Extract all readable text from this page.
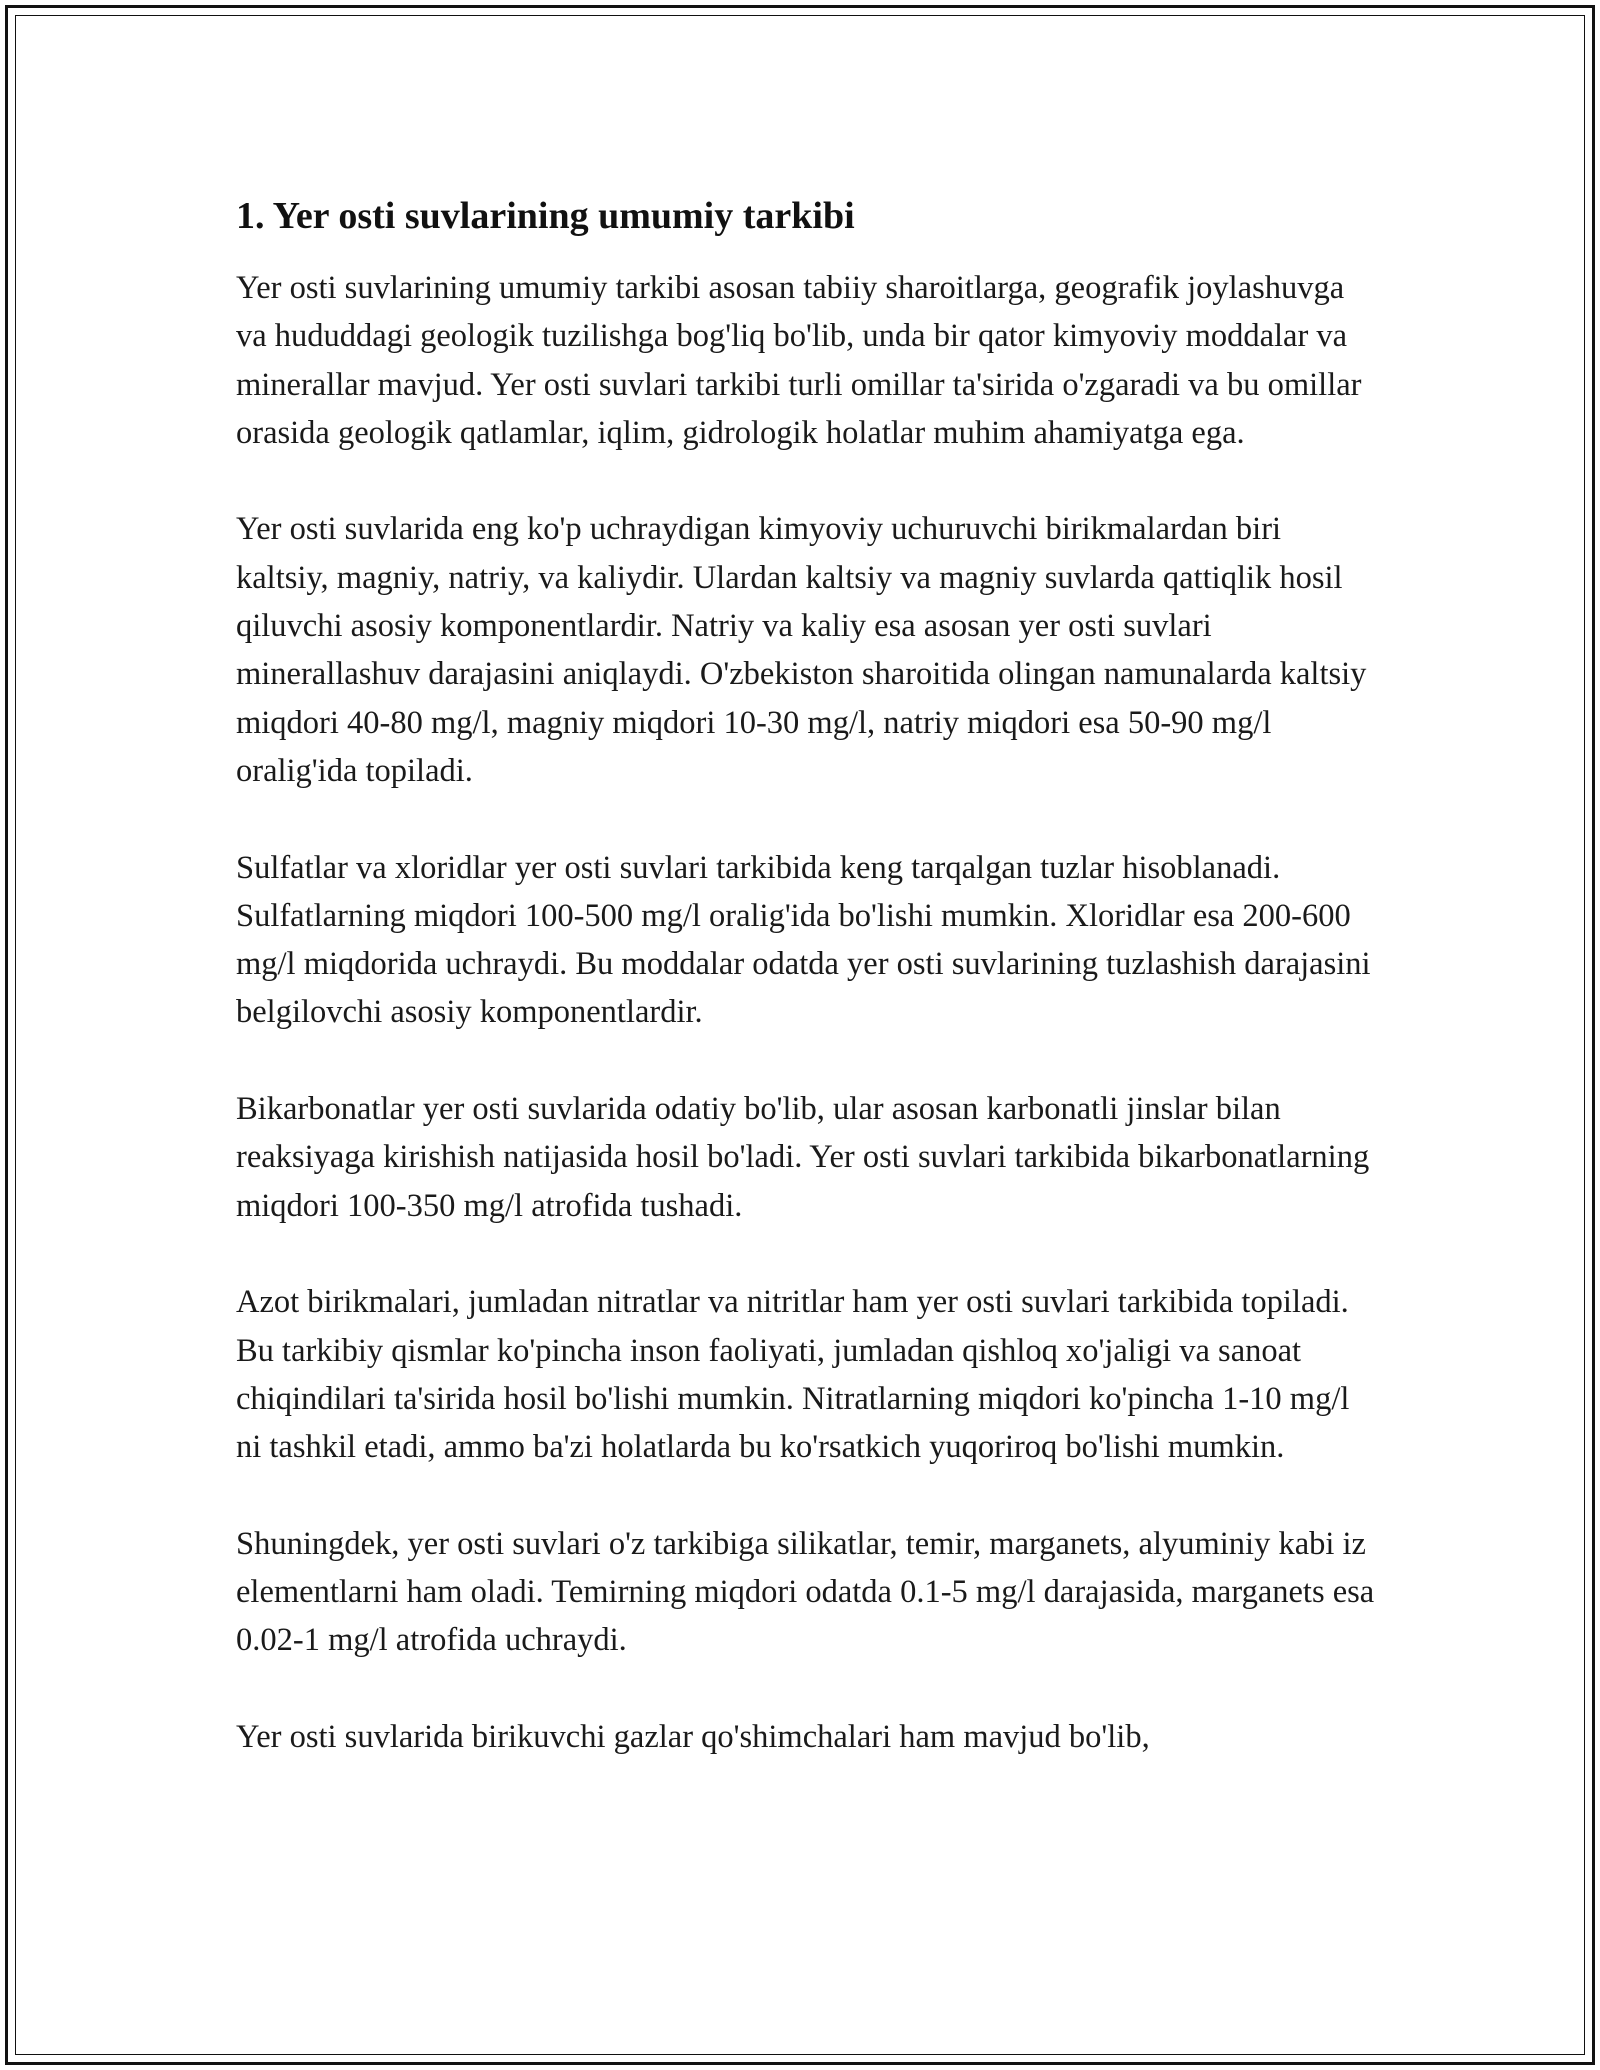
1. Yer osti suvlarining umumiy tarkibi

Yer osti suvlarining umumiy tarkibi asosan tabiiy sharoitlarga, geografik joylashuvga va hududdagi geologik tuzilishga bog'liq bo'lib, unda bir qator kimyoviy moddalar va minerallar mavjud. Yer osti suvlari tarkibi turli omillar ta'sirida o'zgaradi va bu omillar orasida geologik qatlamlar, iqlim, gidrologik holatlar muhim ahamiyatga ega.

Yer osti suvlarida eng ko'p uchraydigan kimyoviy uchuruvchi birikmalardan biri kaltsiy, magniy, natriy, va kaliydir. Ulardan kaltsiy va magniy suvlarda qattiqlik hosil qiluvchi asosiy komponentlardir. Natriy va kaliy esa asosan yer osti suvlari minerallashuv darajasini aniqlaydi. O'zbekiston sharoitida olingan namunalarda kaltsiy miqdori 40-80 mg/l, magniy miqdori 10-30 mg/l, natriy miqdori esa 50-90 mg/l oralig'ida topiladi.

Sulfatlar va xloridlar yer osti suvlari tarkibida keng tarqalgan tuzlar hisoblanadi. Sulfatlarning miqdori 100-500 mg/l oralig'ida bo'lishi mumkin. Xloridlar esa 200-600 mg/l miqdorida uchraydi. Bu moddalar odatda yer osti suvlarining tuzlashish darajasini belgilovchi asosiy komponentlardir.

Bikarbonatlar yer osti suvlarida odatiy bo'lib, ular asosan karbonatli jinslar bilan reaksiyaga kirishish natijasida hosil bo'ladi. Yer osti suvlari tarkibida bikarbonatlarning miqdori 100-350 mg/l atrofida tushadi.

Azot birikmalari, jumladan nitratlar va nitritlar ham yer osti suvlari tarkibida topiladi. Bu tarkibiy qismlar ko'pincha inson faoliyati, jumladan qishloq xo'jaligi va sanoat chiqindilari ta'sirida hosil bo'lishi mumkin. Nitratlarning miqdori ko'pincha 1-10 mg/l ni tashkil etadi, ammo ba'zi holatlarda bu ko'rsatkich yuqoriroq bo'lishi mumkin.

Shuningdek, yer osti suvlari o'z tarkibiga silikatlar, temir, marganets, alyuminiy kabi iz elementlarni ham oladi. Temirning miqdori odatda 0.1-5 mg/l darajasida, marganets esa 0.02-1 mg/l atrofida uchraydi.

Yer osti suvlarida birikuvchi gazlar qo'shimchalari ham mavjud bo'lib,
